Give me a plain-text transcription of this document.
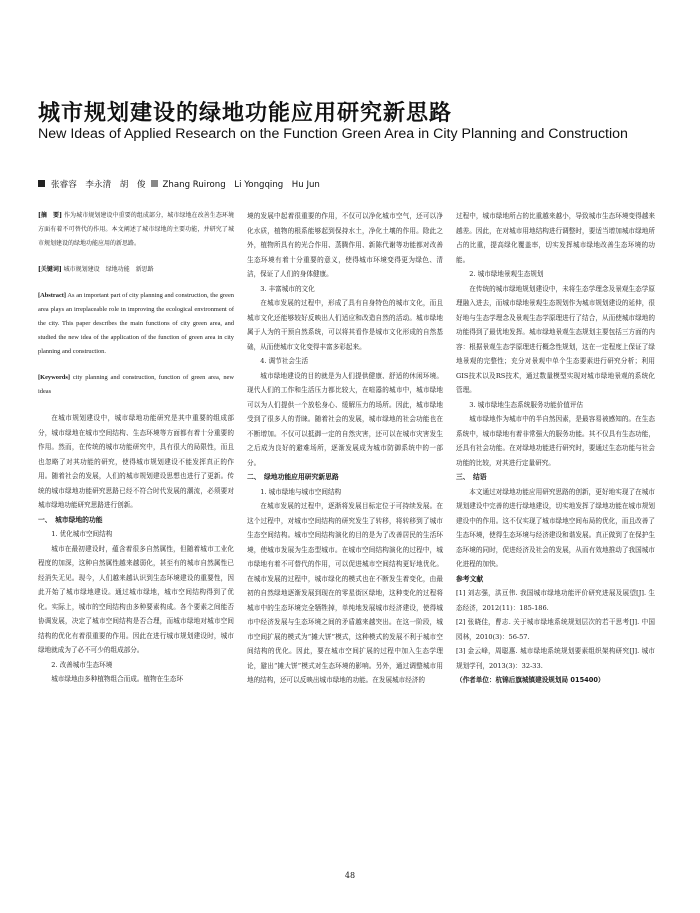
城市规划建设的绿地功能应用研究新思路
New Ideas of Applied Research on the Function Green Area in City Planning and Construction
张睿容　李永清　胡　俊 Zhang Ruirong　Li Yongqing　Hu Jun

[摘　要] 作为城市规划建设中重要的组成部分，城市绿地在改善生态环境方面有着不可替代的作用。本文阐述了城市绿地的主要功能，并研究了城市规划建设的绿地功能应用的新思路。

[关键词] 城市规划建设　绿地功能　新思路

[Abstract] As an important part of city planning and construction, the green area plays an irreplaceable role in improving the ecological environment of the city. This paper describes the main functions of city green area, and studied the new idea of the application of the function of green area in city planning and construction.

[Keywords] city planning and construction, function of green area, new ideas

在城市规划建设中，城市绿地功能研究是其中重要的组成部分，城市绿地在城市空间结构、生态环境等方面都有着十分重要的作用。然而，在传统的城市功能研究中，具有很大的局限性，而且也忽略了对其功能的研究，使得城市规划建设不能发挥真正的作用。随着社会的发展，人们的城市规划建设思想也进行了更新。传统的城市绿地功能研究思路已经不符合时代发展的潮流，必须要对城市绿地功能研究思路进行创新。

一、　城市绿地的功能

1. 优化城市空间结构

城市在最初建设时，蕴含着很多自然属性，但随着城市工业化程度的加深，这种自然属性越来越弱化，甚至有的城市自然属性已经消失无见。现今，人们越来越认识到生态环境建设的重要性，因此开始了城市绿地建设。通过城市绿地，城市空间结构得到了优化。实际上，城市的空间结构由多种要素构成。各个要素之间能否协调发展，决定了城市空间结构是否合理，而城市绿地对城市空间结构的优化有着很重要的作用。因此在进行城市规划建设时，城市绿地就成为了必不可少的组成部分。

2. 改善城市生态环境

城市绿地由多种植物组合而成。植物在生态环

境的发展中起着很重要的作用，不仅可以净化城市空气，还可以净化水质，植物的根系能够起到保持水土，净化土壤的作用。除此之外，植物所具有的光合作用、蒸腾作用、新陈代谢等功能都对改善生态环境有着十分重要的意义，使得城市环境变得更为绿色、清洁，保证了人们的身体健康。

3. 丰富城市的文化

在城市发展的过程中，形成了具有自身特色的城市文化，而且城市文化还能够较好反映出人们适应和改造自然的活动。城市绿地属于人为的干预自然系统，可以将其看作是城市文化形成的自然基础，从而使城市文化变得丰富多彩起来。

4. 调节社会生活

城市绿地建设的目的就是为人们提供健康、舒适的休闲环境。现代人们的工作和生活压力都比较大，在喧嚣的城市中，城市绿地可以为人们提供一个放松身心、缓解压力的场所。因此，城市绿地受到了很多人的青睐。随着社会的发展，城市绿地的社会功能也在不断增加。不仅可以抵御一定的自然灾害，还可以在城市灾害发生之后成为良好的避难场所，逐渐发展成为城市防御系统中的一部分。

二、　绿地功能应用研究新思路

1. 城市绿地与城市空间结构

在城市发展的过程中，逐渐将发展目标定位于可持续发展。在这个过程中，对城市空间结构的研究发生了转移，将转移到了城市生态空间结构。城市空间结构演化的目的是为了改善居民的生活环境，使城市发展为生态型城市。在城市空间结构演化的过程中，城市绿地有着不可替代的作用，可以促进城市空间结构更好地优化。在城市发展的过程中，城市绿化的模式也在不断发生着变化，由最初的自然绿地逐渐发展到现在的零星街区绿地，这种变化的过程将城市中的生态环境完全牺牲掉，单纯地发展城市经济建设，使得城市中经济发展与生态环境之间的矛盾越来越突出。在这一阶段，城市空间扩展的模式为“摊大饼”模式，这种模式的发展不利于城市空间结构的优化。因此，要在城市空间扩展的过程中加入生态学理论，避出“摊大饼”模式对生态环境的影响。另外，通过调整城市用地的结构，还可以反映出城市绿地的功能。在发展城市经济的

过程中，城市绿地所占的比重越来越小，导致城市生态环境变得越来越差。因此，在对城市用地结构进行调整时，要适当增加城市绿地所占的比重，提高绿化覆盖率，切实发挥城市绿地改善生态环境的功能。

2. 城市绿地景观生态规划

在传统的城市绿地规划建设中，未将生态学理念及景观生态学原理融入进去，而城市绿地景观生态规划作为城市规划建设的延伸，很好地与生态学理念及景观生态学原理进行了结合，从而使城市绿地的功能得到了最优地发挥。城市绿地景观生态规划主要包括三方面的内容：根据景观生态学原理进行概念性规划，这在一定程度上保证了绿地景观的完整性；充分对景观中单个生态要素进行研究分析；利用GIS技术以及RS技术，通过数量模型实现对城市绿地景观的系统化管理。

3. 城市绿地生态系统服务功能价值评估

城市绿地作为城市中的半自然因素，是最容易被感知的。在生态系统中，城市绿地有着非常强大的服务功能。其不仅具有生态功能，还具有社会功能。在对绿地功能进行研究时，要通过生态功能与社会功能的比较，对其进行定量研究。

三、　结语

本文通过对绿地功能应用研究思路的创新，更好地实现了在城市规划建设中完善的进行绿地建设，切实地发挥了绿地功能在城市规划建设中的作用。这不仅实现了城市绿地空间布局的优化，而且改善了生态环境，使得生态环境与经济建设和谐发展。真正做到了在保护生态环境的同时，促进经济及社会的发展，从而有效地推动了我国城市化进程的加快。

参考文献

[1] 刘志强，洪亘伟. 我国城市绿地功能评价研究进展及展望[J]. 生态经济，2012(11)：185-186.

[2] 张晓佳，曹志. 关于城市绿地系统规划层次的若干思考[J]. 中国园林，2010(3)：56-57.

[3] 金云峰，周聪惠. 城市绿地系统规划要素组织架构研究[J]. 城市规划学刊，2013(3)：32-33.

（作者单位：杭锦后旗城镇建设规划局 015400）

48
